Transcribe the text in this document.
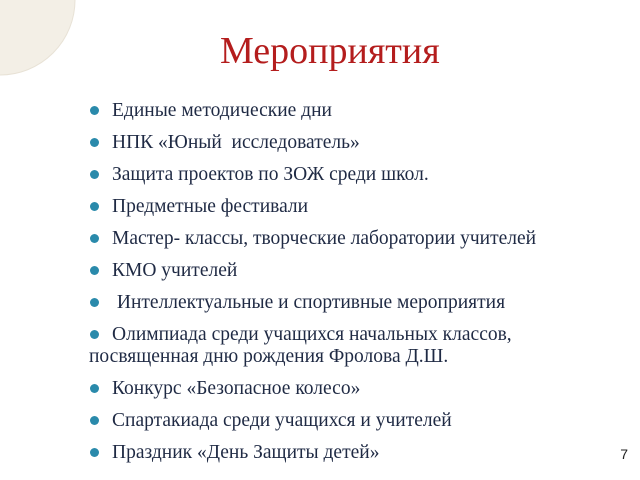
Мероприятия
Единые методические дни
НПК «Юный  исследователь»
Защита проектов по ЗОЖ среди школ.
Предметные фестивали
Мастер- классы, творческие лаборатории учителей
КМО учителей
Интеллектуальные и спортивные мероприятия
Олимпиада среди учащихся начальных классов, посвященная дню рождения Фролова Д.Ш.
Конкурс «Безопасное колесо»
Спартакиада среди учащихся и учителей
Праздник «День Защиты детей»	7
